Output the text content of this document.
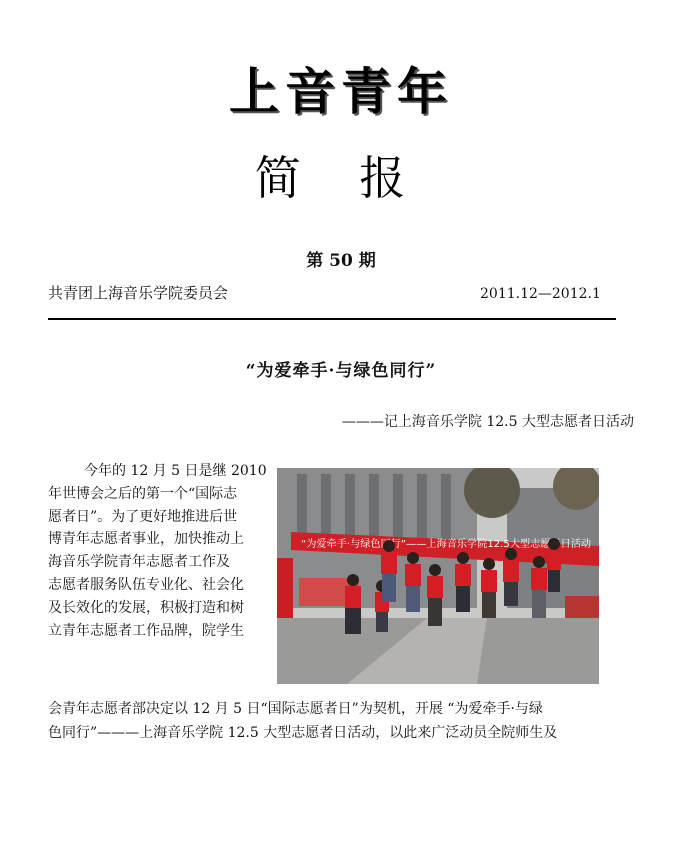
上音青年
简 报
第 50 期
共青团上海音乐学院委员会	2011.12—2012.1
“为爱牵手·与绿色同行”
———记上海音乐学院 12.5 大型志愿者日活动
今年的 12 月 5 日是继 2010
年世博会之后的第一个“国际志
愿者日”。为了更好地推进后世
博青年志愿者事业，加快推动上
海音乐学院青年志愿者工作及
志愿者服务队伍专业化、社会化
及长效化的发展，积极打造和树
立青年志愿者工作品牌，院学生
“为爱牵手·与绿色同行”——上海音乐学院12.5大型志愿者日活动
会青年志愿者部决定以 12 月 5 日“国际志愿者日”为契机，开展 “为爱牵手·与绿
色同行”———上海音乐学院 12.5 大型志愿者日活动，以此来广泛动员全院师生及
